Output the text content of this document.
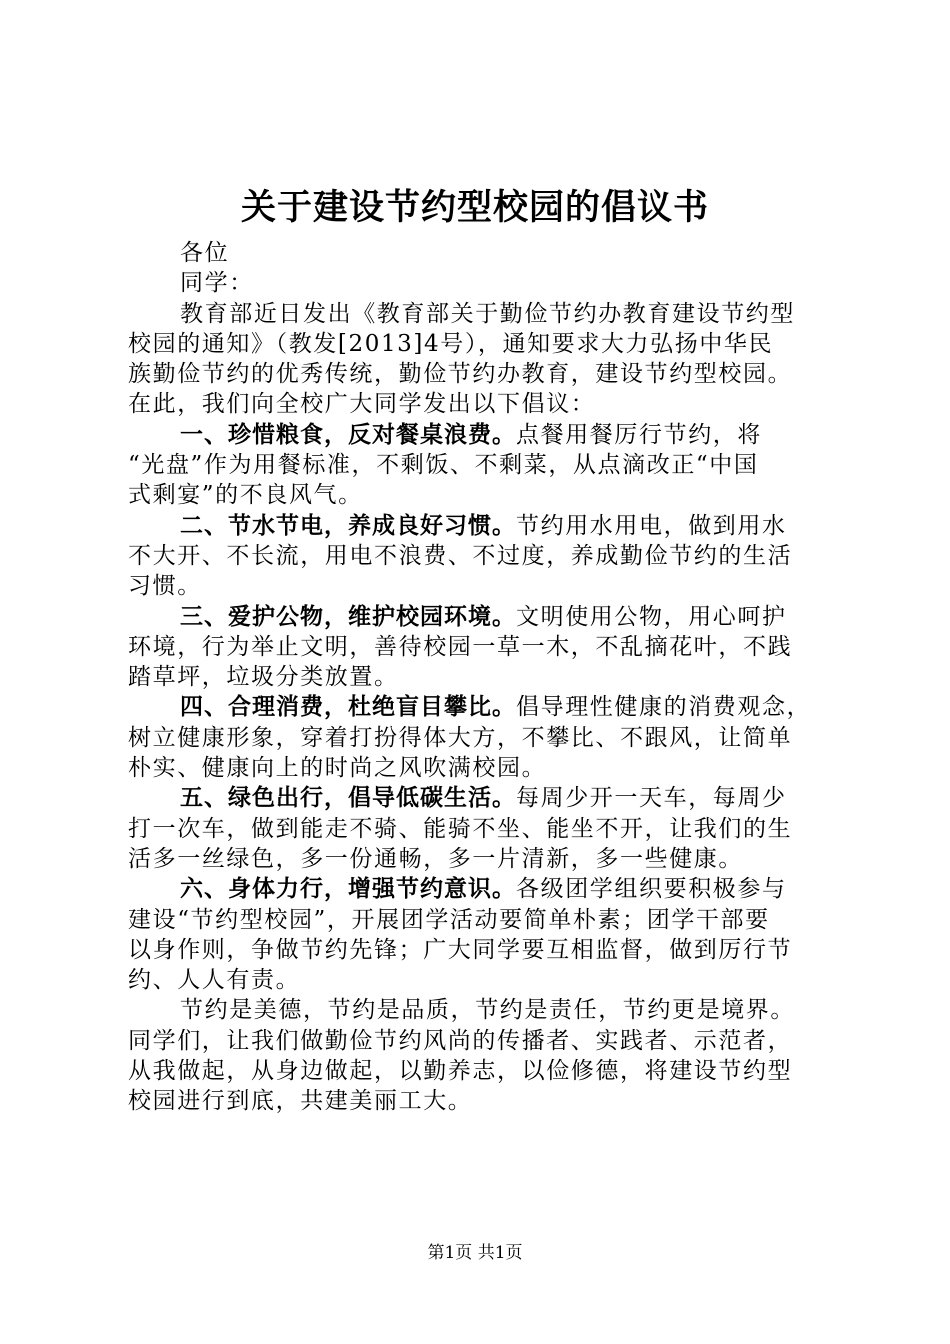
关于建设节约型校园的倡议书
各位
同学：
教育部近日发出《教育部关于勤俭节约办教育建设节约型
校园的通知》（教发[2013]4号），通知要求大力弘扬中华民
族勤俭节约的优秀传统，勤俭节约办教育，建设节约型校园。
在此，我们向全校广大同学发出以下倡议：
一、珍惜粮食，反对餐桌浪费。点餐用餐厉行节约，将
“光盘”作为用餐标准，不剩饭、不剩菜，从点滴改正“中国
式剩宴”的不良风气。
二、节水节电，养成良好习惯。节约用水用电，做到用水
不大开、不长流，用电不浪费、不过度，养成勤俭节约的生活
习惯。
三、爱护公物，维护校园环境。文明使用公物，用心呵护
环境，行为举止文明，善待校园一草一木，不乱摘花叶，不践
踏草坪，垃圾分类放置。
四、合理消费，杜绝盲目攀比。倡导理性健康的消费观念，
树立健康形象，穿着打扮得体大方，不攀比、不跟风，让简单
朴实、健康向上的时尚之风吹满校园。
五、绿色出行，倡导低碳生活。每周少开一天车，每周少
打一次车，做到能走不骑、能骑不坐、能坐不开，让我们的生
活多一丝绿色，多一份通畅，多一片清新，多一些健康。
六、身体力行，增强节约意识。各级团学组织要积极参与
建设“节约型校园”，开展团学活动要简单朴素；团学干部要
以身作则，争做节约先锋；广大同学要互相监督，做到厉行节
约、人人有责。
节约是美德，节约是品质，节约是责任，节约更是境界。
同学们，让我们做勤俭节约风尚的传播者、实践者、示范者，
从我做起，从身边做起，以勤养志，以俭修德，将建设节约型
校园进行到底，共建美丽工大。
第1页 共1页
